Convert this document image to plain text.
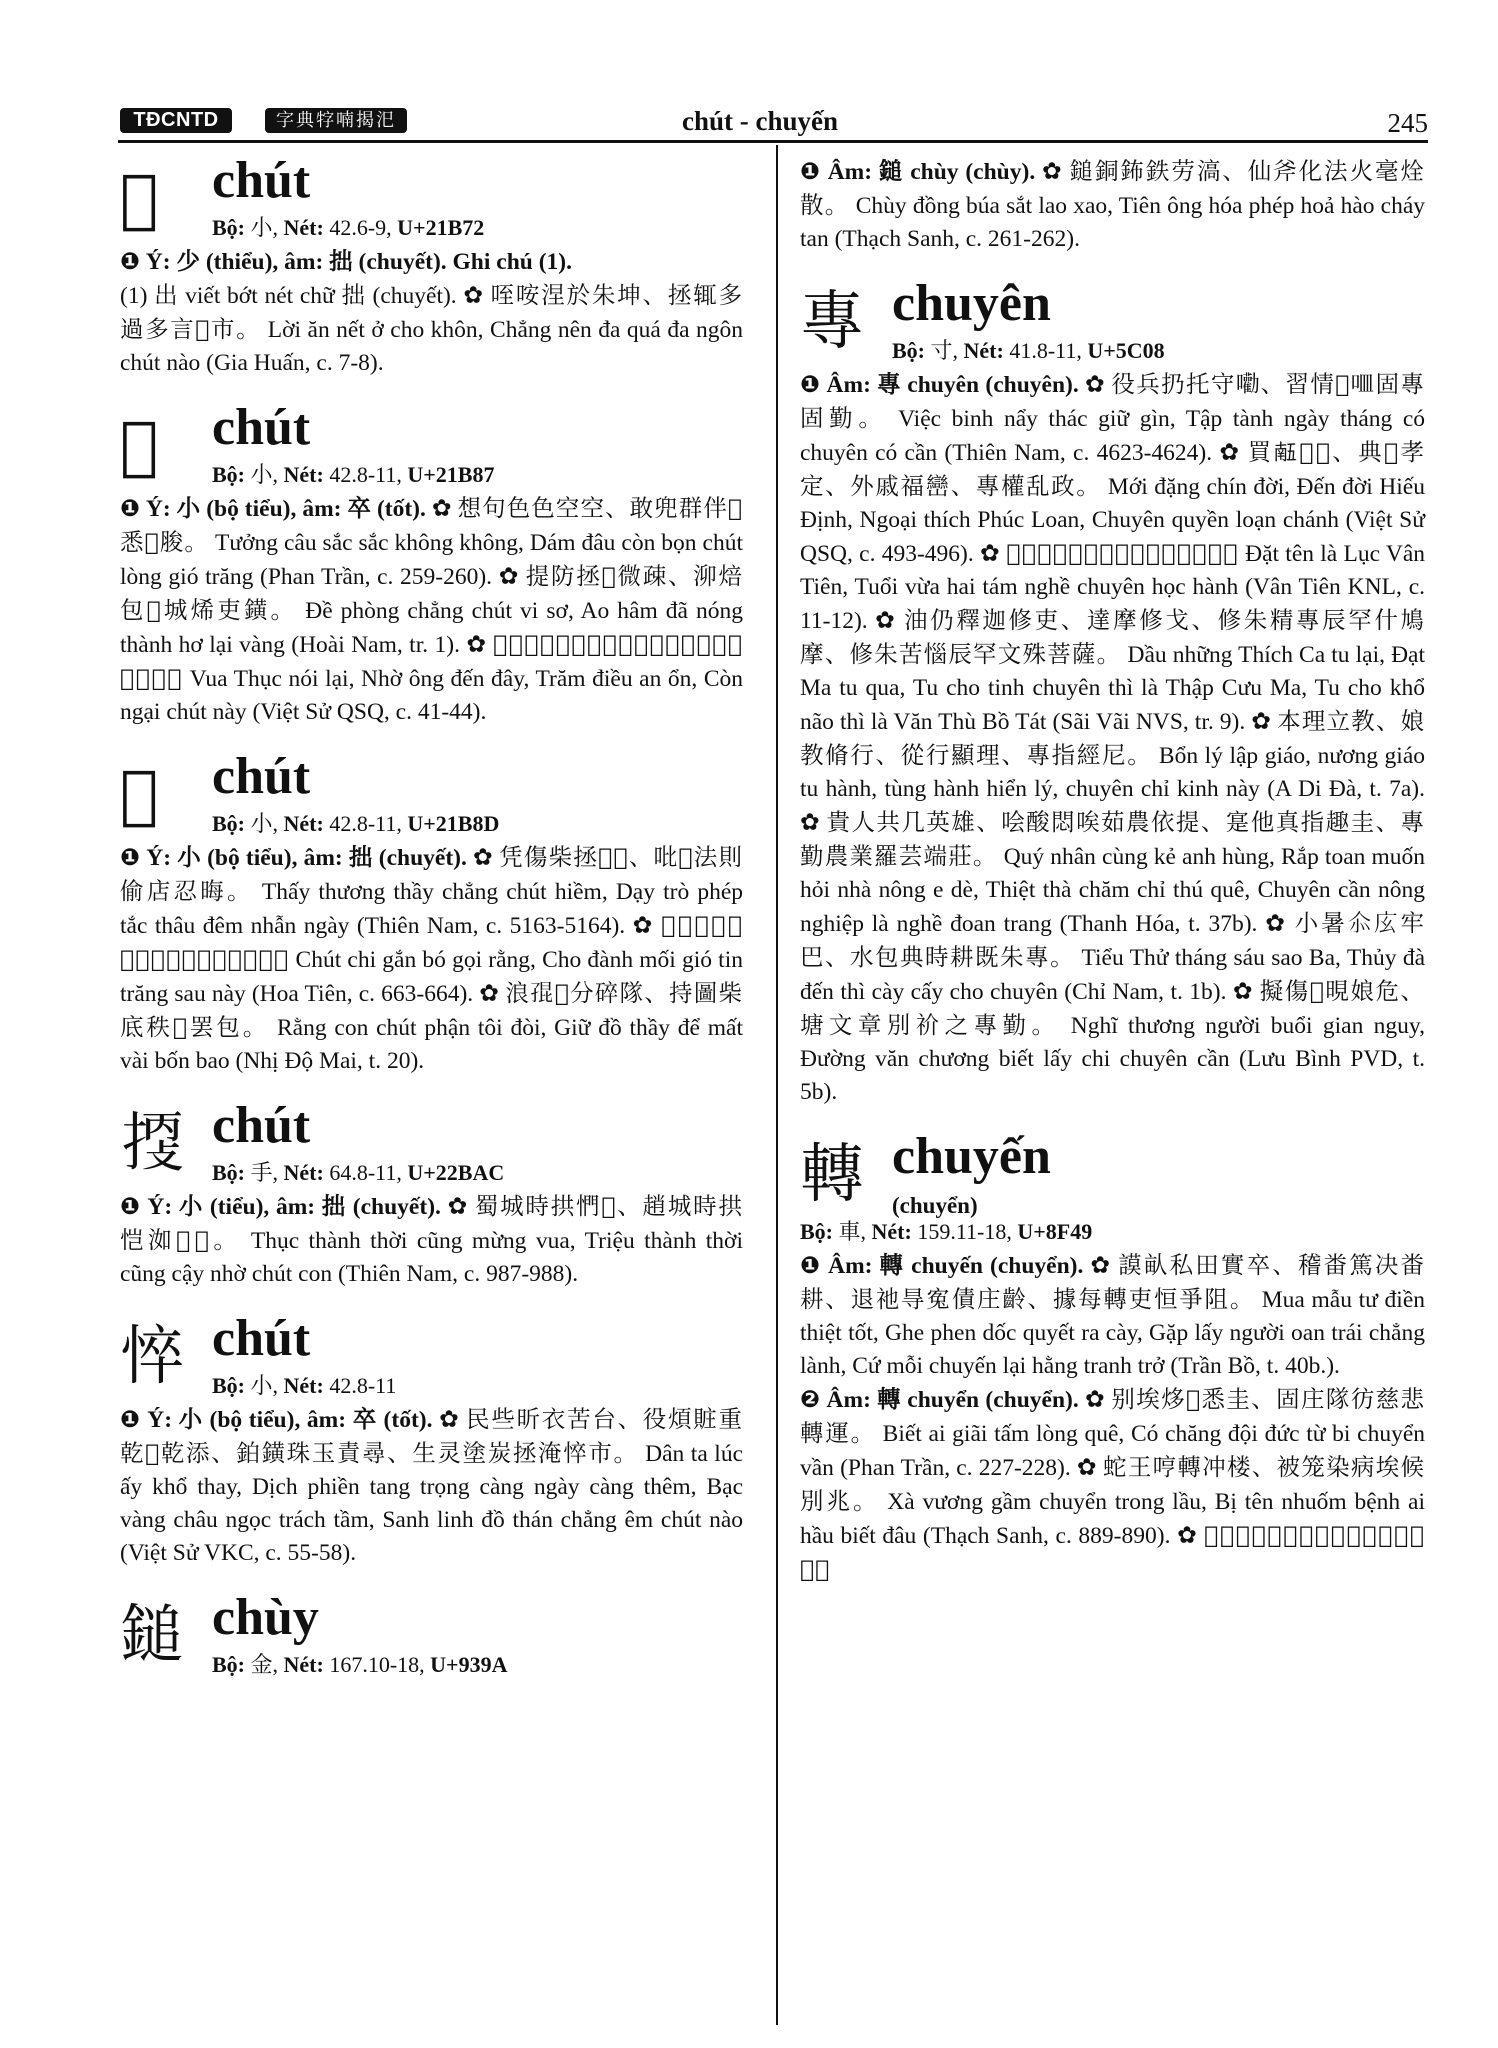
TĐCNTD	字典牸喃揭汜	chút - chuyến	245
𡭲 chút
Bộ: 小, Nét: 42.6-9, U+21B72

❶ Ý: 少 (thiểu), âm: 拙 (chuyết). Ghi chú (1).

(1) 出 viết bớt nét chữ 拙 (chuyết). ✿ 咥咹涅於朱坤、拯辄多過多言𡭲市。 Lời ăn nết ở cho khôn, Chẳng nên đa quá đa ngôn chút nào (Gia Huấn, c. 7-8).

𡮇 chút
Bộ: 小, Nét: 42.8-11, U+21B87

❶ Ý: 小 (bộ tiểu), âm: 卒 (tốt). ✿ 想句色色空空、敢兜群伴𡮇悉𣵶脧。 Tưởng câu sắc sắc không không, Dám đâu còn bọn chút lòng gió trăng (Phan Trần, c. 259-260). ✿ 提防拯𡮇微疎、泖焙包𪷹城烯吏鐄。 Đề phòng chẳng chút vi sơ, Ao hâm đã nóng thành hơ lại vàng (Hoài Nam, tr. 1). ✿ 𢪀蜀吶吏、㤇翁典低、𡗉調安稳、群𠍦𡮇尼。 Vua Thục nói lại, Nhờ ông đến đây, Trăm điều an ổn, Còn ngại chút này (Việt Sử QSQ, c. 41-44).

𡮍 chút
Bộ: 小, Nét: 42.8-11, U+21B8D

❶ Ý: 小 (bộ tiểu), âm: 拙 (chuyết). ✿ 凭傷柴拯𡮍𡛔、吡𠺥法則偷店忍晦。 Thấy thương thầy chẳng chút hiềm, Dạy trò phép tắc thâu đêm nhẫn ngày (Thiên Nam, c. 5163-5164). ✿ 𡮍之哏吔噲浪、朱停繓𧖱信脧𩙍尼。 Chút chi gắn bó gọi rằng, Cho đành mối gió tin trăng sau này (Hoa Tiên, c. 663-664). ✿ 浪𡥵𡮍分碎隊、持圖柴底秩𠀧罢包。 Rằng con chút phận tôi đòi, Giữ đồ thầy để mất vài bốn bao (Nhị Độ Mai, t. 20).

𢯬 chút
Bộ: 手, Nét: 64.8-11, U+22BAC

❶ Ý: 小 (tiểu), âm: 拙 (chuyết). ✿ 蜀城時拱㥃𢪀、趙城時拱恺洳𢯬𡥵。 Thục thành thời cũng mừng vua, Triệu thành thời cũng cậy nhờ chút con (Thiên Nam, c. 987-988).

悴 chút
Bộ: 小, Nét: 42.8-11

❶ Ý: 小 (bộ tiểu), âm: 卒 (tốt). ✿ 民些昕衣苦台、役煩賍重乾𣋚乾添、鉑鐄珠玉責尋、生灵塗炭拯淹悴市。 Dân ta lúc ấy khổ thay, Dịch phiền tang trọng càng ngày càng thêm, Bạc vàng châu ngọc trách tầm, Sanh linh đồ thán chẳng êm chút nào (Việt Sử VKC, c. 55-58).

鎚 chùy
Bộ: 金, Nét: 167.10-18, U+939A

❶ Âm: 鎚 chùy (chùy). ✿ 鎚銅鈽鉄劳滈、仙斧化法火毫烇散。 Chùy đồng búa sắt lao xao, Tiên ông hóa phép hoả hào cháy tan (Thạch Sanh, c. 261-262).

專 chuyên
Bộ: 寸, Nét: 41.8-11, U+5C08

❶ Âm: 專 chuyên (chuyên). ✿ 役兵扔托守𡅳、習情𣋚𠰘固專固勤。 Việc binh nẩy thác giữ gìn, Tập tành ngày tháng có chuyên có cần (Thiên Nam, c. 4623-4624). ✿ 買𠄼𠁀𦘧、典𦘧孝定、外戚福巒、專權乱政。 Mới đặng chín đời, Đến đời Hiếu Định, Ngoại thích Phúc Loan, Chuyên quyền loạn chánh (Việt Sử QSQ, c. 493-496). ✿ 𨁪名吲蓼雲仙、𬗐𠰳𠦳藝專學行。 Đặt tên là Lục Vân Tiên, Tuổi vừa hai tám nghề chuyên học hành (Vân Tiên KNL, c. 11-12). ✿ 油仍釋迦修吏、達摩修戈、修朱精專辰罕什鳩摩、修朱苦惱辰罕文殊菩薩。 Dầu những Thích Ca tu lại, Đạt Ma tu qua, Tu cho tinh chuyên thì là Thập Cưu Ma, Tu cho khổ não thì là Văn Thù Bồ Tát (Sãi Vãi NVS, tr. 9). ✿ 本理立教、娘教脩行、從行顯理、專指經尼。 Bổn lý lập giáo, nương giáo tu hành, tùng hành hiển lý, chuyên chỉ kinh này (A Di Đà, t. 7a). ✿ 貴人共几英雄、哙酸悶唉茹農依提、寔他真指趣圭、專勤農業羅芸端莊。 Quý nhân cùng kẻ anh hùng, Rắp toan muốn hỏi nhà nông e dè, Thiệt thà chăm chỉ thú quê, Chuyên cần nông nghiệp là nghề đoan trang (Thanh Hóa, t. 37b). ✿ 小暑𠇍𢇝牢巴、水包典時耕既朱專。 Tiểu Thử tháng sáu sao Ba, Thủy đà đến thì cày cấy cho chuyên (Chỉ Nam, t. 1b). ✿ 擬傷𣉹晛娘危、塘文章別祄之專勤。 Nghĩ thương người buổi gian nguy, Đường văn chương biết lấy chi chuyên cần (Lưu Bình PVD, t. 5b).

轉 chuyến
(chuyển)
Bộ: 車, Nét: 159.11-18, U+8F49

❶ Âm: 轉 chuyến (chuyển). ✿ 謨畒私田實卒、稽畨篤决畨耕、退祂㝵寃債庄齡、據每轉吏恒爭阻。 Mua mẫu tư điền thiệt tốt, Ghe phen dốc quyết ra cày, Gặp lấy người oan trái chẳng lành, Cứ mỗi chuyến lại hằng tranh trở (Trần Bồ, t. 40b.).

❷ Âm: 轉 chuyển (chuyển). ✿ 别埃㶴𢚸悉圭、固庄隊彷慈悲轉運。 Biết ai giãi tấm lòng quê, Có chăng đội đức từ bi chuyển vần (Phan Trần, c. 227-228). ✿ 蛇王哼轉冲楼、被笼染病埃候別兆。 Xà vương gầm chuyển trong lầu, Bị tên nhuốm bệnh ai hầu biết đâu (Thạch Sanh, c. 889-890). ✿ 𣇞祐天命人心、轉環事意呵啉牛魚、
